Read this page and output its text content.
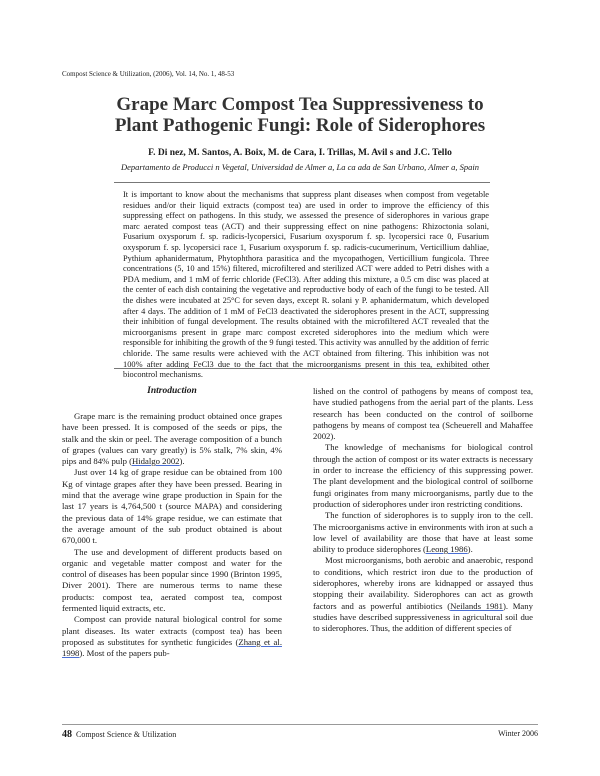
Compost Science & Utilization, (2006), Vol. 14, No. 1, 48-53
Grape Marc Compost Tea Suppressiveness to
Plant Pathogenic Fungi: Role of Siderophores
F. Di nez, M. Santos, A. Boix, M. de Cara, I. Trillas, M. Avil s and J.C. Tello
Departamento de Producci n Vegetal, Universidad de Almer a, La ca ada de San Urbano, Almer a, Spain
It is important to know about the mechanisms that suppress plant diseases when compost from vegetable residues and/or their liquid extracts (compost tea) are used in order to improve the efficiency of this suppressing effect on pathogens. In this study, we assessed the presence of siderophores in various grape marc aerated compost teas (ACT) and their suppressing effect on nine pathogens: Rhizoctonia solani, Fusarium oxysporum f. sp. radicis-lycopersici, Fusarium oxysporum f. sp. lycopersici race 0, Fusarium oxysporum f. sp. lycopersici race 1, Fusarium oxysporum f. sp. radicis-cucumerinum, Verticillium dahliae, Pythium aphanidermatum, Phytophthora parasitica and the mycopathogen, Verticillium fungicola. Three concentrations (5, 10 and 15%) filtered, microfiltered and sterilized ACT were added to Petri dishes with a PDA medium, and 1 mM of ferric chloride (FeCl3). After adding this mixture, a 0.5 cm disc was placed at the center of each dish containing the vegetative and reproductive body of each of the fungi to be tested. All the dishes were incubated at 25°C for seven days, except R. solani y P. aphanidermatum, which developed after 4 days. The addition of 1 mM of FeCl3 deactivated the siderophores present in the ACT, suppressing their inhibition of fungal development. The results obtained with the microfiltered ACT revealed that the microorganisms present in grape marc compost excreted siderophores into the medium which were responsible for inhibiting the growth of the 9 fungi tested. This activity was annulled by the addition of ferric chloride. The same results were achieved with the ACT obtained from filtering. This inhibition was not 100% after adding FeCl3 due to the fact that the microorganisms present in this tea, exhibited other biocontrol mechanisms.
Introduction

Grape marc is the remaining product obtained once grapes have been pressed. It is composed of the seeds or pips, the stalk and the skin or peel. The average composition of a bunch of grapes (values can vary greatly) is 5% stalk, 7% skin, 4% pips and 84% pulp (Hidalgo 2002).

Just over 14 kg of grape residue can be obtained from 100 Kg of vintage grapes after they have been pressed. Bearing in mind that the average wine grape production in Spain for the last 17 years is 4,764,500 t (source MAPA) and considering the previous data of 14% grape residue, we can estimate that the average amount of the sub product obtained is about 670,000 t.

The use and development of different products based on organic and vegetable matter compost and water for the control of diseases has been popular since 1990 (Brinton 1995, Diver 2001). There are numerous terms to name these products: compost tea, aerated compost tea, compost fermented liquid extracts, etc.

Compost can provide natural biological control for some plant diseases. Its water extracts (compost tea) has been proposed as substitutes for synthetic fungicides (Zhang et al. 1998). Most of the papers pub-

lished on the control of pathogens by means of compost tea, have studied pathogens from the aerial part of the plants. Less research has been conducted on the control of soilborne pathogens by means of compost tea (Scheuerell and Mahaffee 2002).

The knowledge of mechanisms for biological control through the action of compost or its water extracts is necessary in order to increase the efficiency of this suppressing power. The plant development and the biological control of soilborne fungi originates from many microorganisms, partly due to the production of siderophores under iron restricting conditions.

The function of siderophores is to supply iron to the cell. The microorganisms active in environments with iron at such a low level of availability are those that have at least some ability to produce siderophores (Leong 1986).

Most microorganisms, both aerobic and anaerobic, respond to conditions, which restrict iron due to the production of siderophores, whereby irons are kidnapped or assayed thus stopping their availability. Siderophores can act as growth factors and as powerful antibiotics (Neilands 1981). Many studies have described suppressiveness in agricultural soil due to siderophores. Thus, the addition of different species of

48 Compost Science & Utilization	Winter 2006
